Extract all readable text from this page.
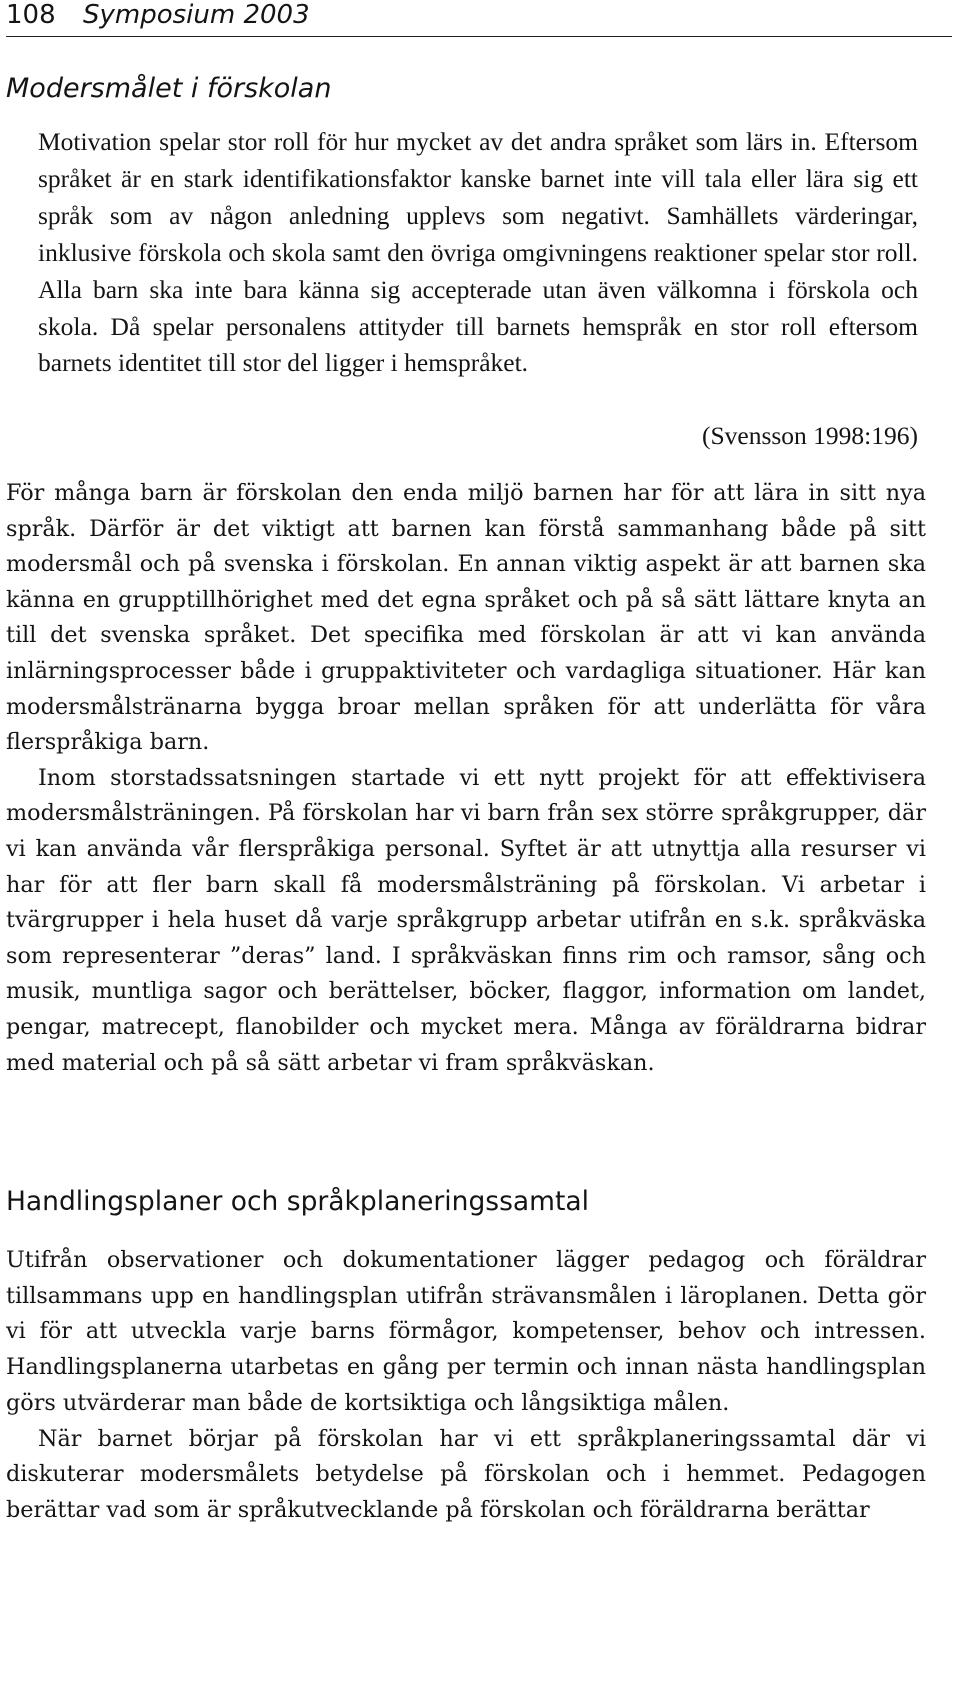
108 Symposium 2003
Modersmålet i förskolan

Motivation spelar stor roll för hur mycket av det andra språket som lärs in. Eftersom språket är en stark identifikationsfaktor kanske barnet inte vill tala eller lära sig ett språk som av någon anledning upplevs som negativt. Samhällets värderingar, inklusive förskola och skola samt den övriga omgivningens reaktioner spelar stor roll. Alla barn ska inte bara känna sig accepterade utan även välkomna i förskola och skola. Då spelar personalens attityder till barnets hemspråk en stor roll eftersom barnets identitet till stor del ligger i hemspråket.

(Svensson 1998:196)

För många barn är förskolan den enda miljö barnen har för att lära in sitt nya språk. Därför är det viktigt att barnen kan förstå sammanhang både på sitt modersmål och på svenska i förskolan. En annan viktig aspekt är att barnen ska känna en grupptillhörighet med det egna språket och på så sätt lättare knyta an till det svenska språket. Det specifika med förskolan är att vi kan använda inlärningsprocesser både i gruppaktiviteter och vardagliga situationer. Här kan modersmålstränarna bygga broar mellan språken för att underlätta för våra flerspråkiga barn.

Inom storstadssatsningen startade vi ett nytt projekt för att effektivisera modersmålsträningen. På förskolan har vi barn från sex större språkgrupper, där vi kan använda vår flerspråkiga personal. Syftet är att utnyttja alla resurser vi har för att fler barn skall få modersmålsträning på förskolan. Vi arbetar i tvärgrupper i hela huset då varje språkgrupp arbetar utifrån en s.k. språkväska som representerar ”deras” land. I språkväskan finns rim och ramsor, sång och musik, muntliga sagor och berättelser, böcker, flaggor, information om landet, pengar, matrecept, flanobilder och mycket mera. Många av föräldrarna bidrar med material och på så sätt arbetar vi fram språkväskan.

Handlingsplaner och språkplaneringssamtal

Utifrån observationer och dokumentationer lägger pedagog och föräldrar tillsammans upp en handlingsplan utifrån strävansmålen i läroplanen. Detta gör vi för att utveckla varje barns förmågor, kompetenser, behov och intressen. Handlingsplanerna utarbetas en gång per termin och innan nästa handlingsplan görs utvärderar man både de kortsiktiga och långsiktiga målen.

När barnet börjar på förskolan har vi ett språkplaneringssamtal där vi diskuterar modersmålets betydelse på förskolan och i hemmet. Pedagogen berättar vad som är språkutvecklande på förskolan och föräldrarna berättar
